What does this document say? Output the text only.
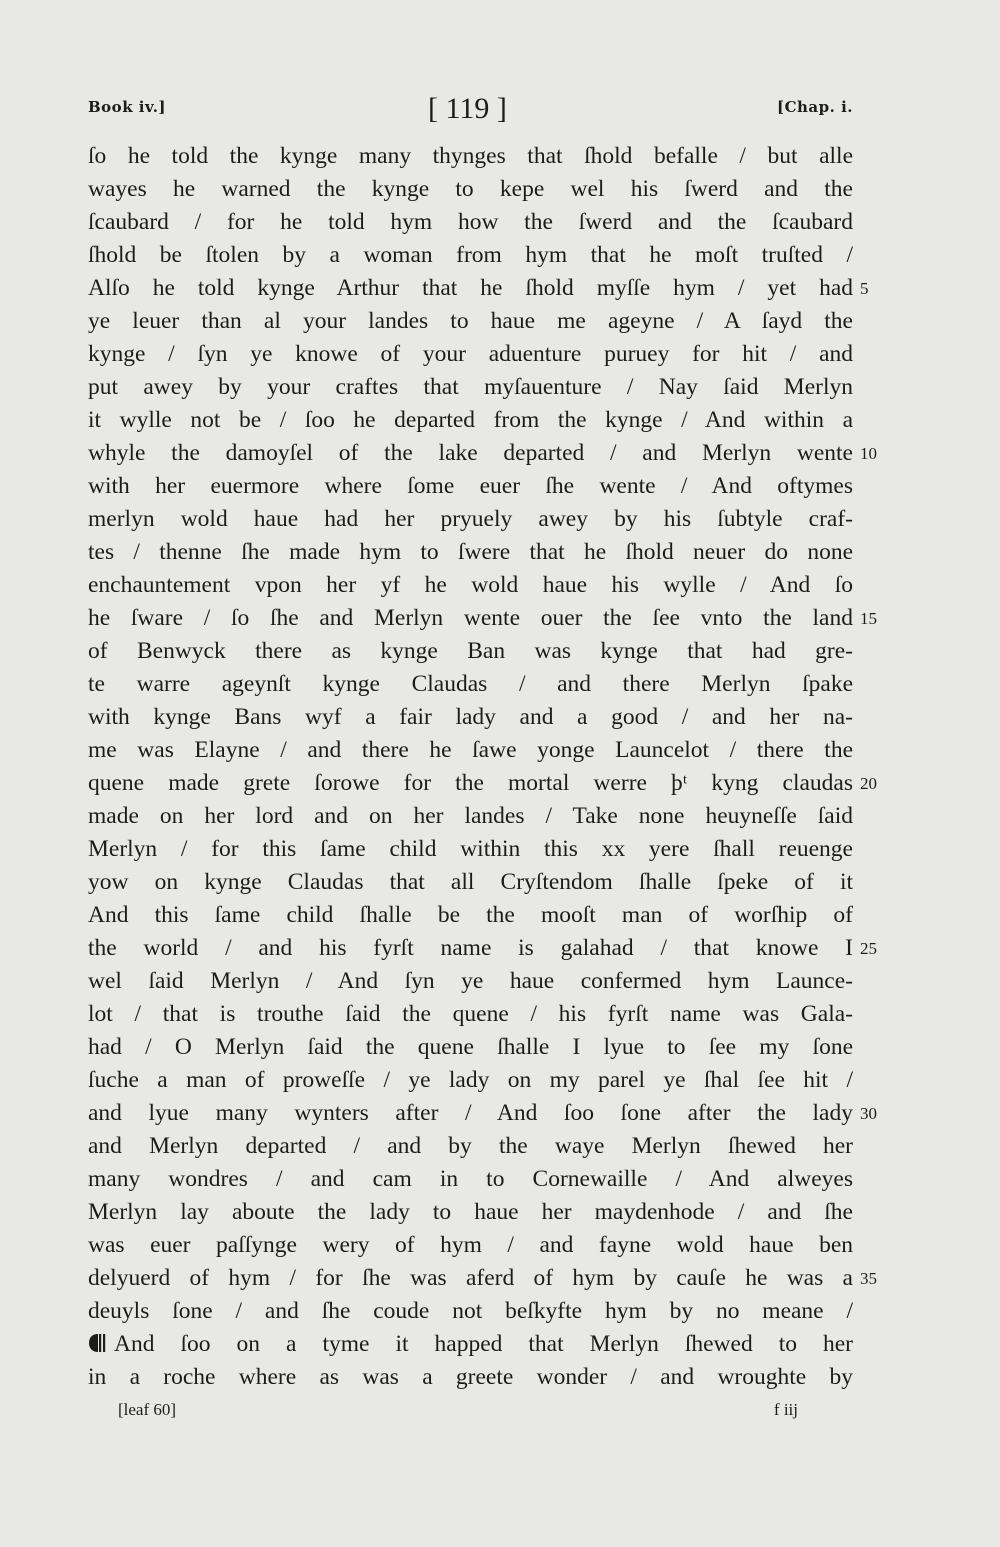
Book iv.]	[ 119 ]	[Chap. i.
ſo he told the kynge many thynges that ſhold befalle / but alle
wayes he warned the kynge to kepe wel his ſwerd and the
ſcaubard / for he told hym how the ſwerd and the ſcaubard
ſhold be ſtolen by a woman from hym that he moſt truſted /
Alſo he told kynge Arthur that he ſhold myſſe hym / yet had 5
ye leuer than al your landes to haue me ageyne / A ſayd the
kynge / ſyn ye knowe of your aduenture puruey for hit / and
put awey by your craftes that myſauenture / Nay ſaid Merlyn
it wylle not be / ſoo he departed from the kynge / And within a
whyle the damoyſel of the lake departed / and Merlyn wente 10
with her euermore where ſome euer ſhe wente / And oftymes
merlyn wold haue had her pryuely awey by his ſubtyle craf-
tes / thenne ſhe made hym to ſwere that he ſhold neuer do none
enchauntement vpon her yf he wold haue his wylle / And ſo
he ſware / ſo ſhe and Merlyn wente ouer the ſee vnto the land 15
of Benwyck there as kynge Ban was kynge that had gre-
te warre ageynſt kynge Claudas / and there Merlyn ſpake
with kynge Bans wyf a fair lady and a good / and her na-
me was Elayne / and there he ſawe yonge Launcelot / there the
quene made grete ſorowe for the mortal werre þᵗ kyng claudas 20
made on her lord and on her landes / Take none heuyneſſe ſaid
Merlyn / for this ſame child within this xx yere ſhall reuenge
yow on kynge Claudas that all Cryſtendom ſhalle ſpeke of it
And this ſame child ſhalle be the mooſt man of worſhip of
the world / and his fyrſt name is galahad / that knowe I 25
wel ſaid Merlyn / And ſyn ye haue confermed hym Launce-
lot / that is trouthe ſaid the quene / his fyrſt name was Gala-
had / O Merlyn ſaid the quene ſhalle I lyue to ſee my ſone
ſuche a man of proweſſe / ye lady on my parel ye ſhal ſee hit /
and lyue many wynters after / And ſoo ſone after the lady 30
and Merlyn departed / and by the waye Merlyn ſhewed her
many wondres / and cam in to Cornewaille / And alweyes
Merlyn lay aboute the lady to haue her maydenhode / and ſhe
was euer paſſynge wery of hym / and fayne wold haue ben
delyuerd of hym / for ſhe was aferd of hym by cauſe he was a 35
deuyls ſone / and ſhe coude not beſkyfte hym by no meane /
And ſoo on a tyme it happed that Merlyn ſhewed to her
in a roche where as was a greete wonder / and wroughte by
[leaf 60]	f iij
